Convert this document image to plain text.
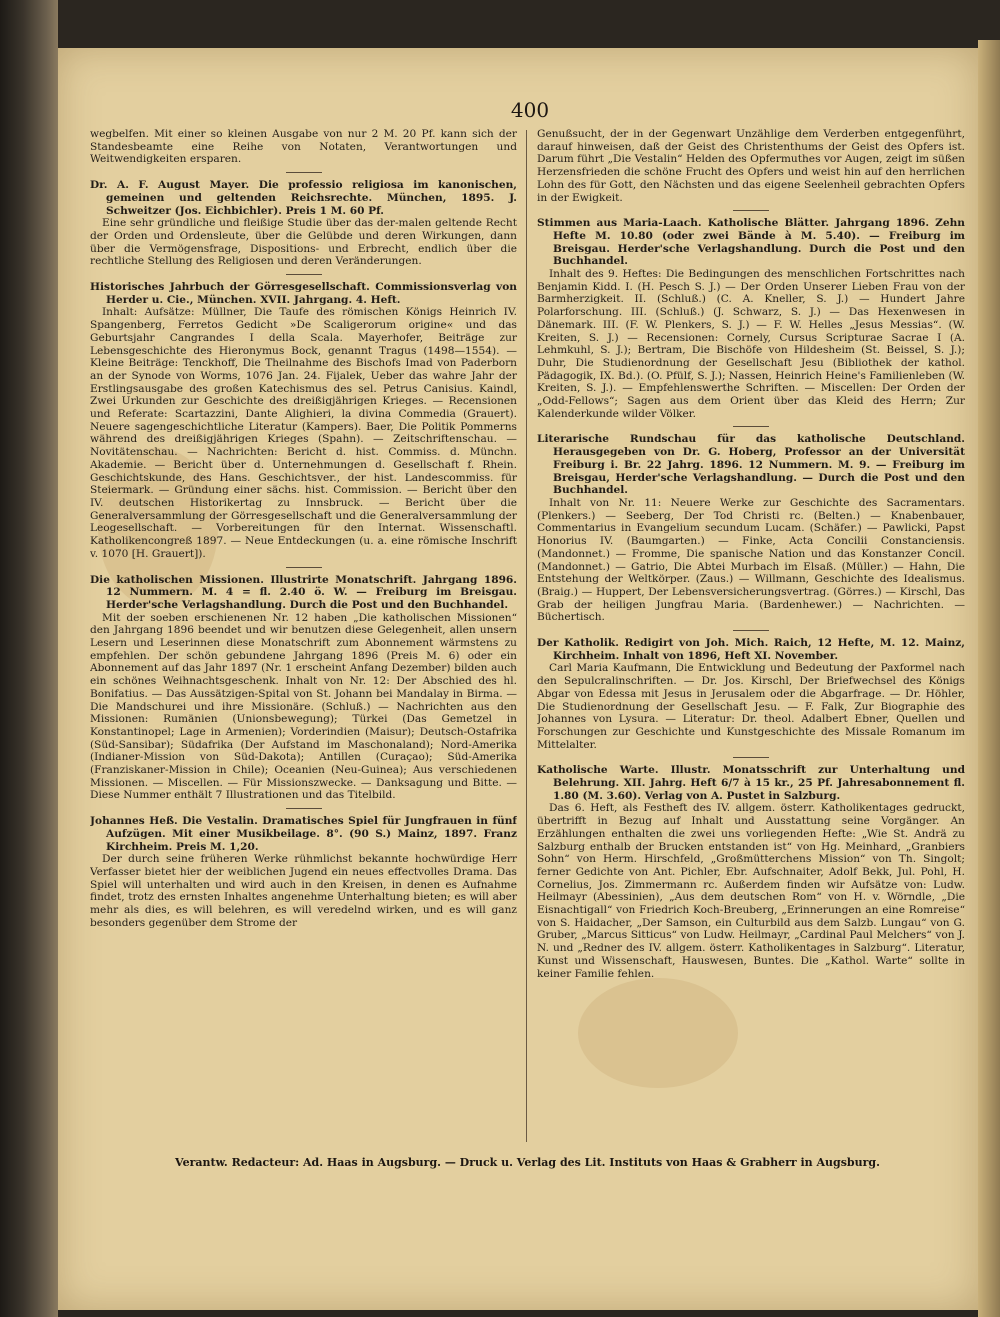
400
wegbelfen. Mit einer so kleinen Ausgabe von nur 2 M. 20 Pf. kann sich der Standesbeamte eine Reihe von Notaten, Verantwortungen und Weitwendigkeiten ersparen.
Dr. A. F. August Mayer. Die professio religiosa im kanonischen, gemeinen und geltenden Reichsrechte. München, 1895. J. Schweitzer (Jos. Eichbichler). Preis 1 M. 60 Pf.
Eine sehr gründliche und fleißige Studie über das der-malen geltende Recht der Orden und Ordensleute, über die Gelübde und deren Wirkungen, dann über die Vermögensfrage, Dispositions- und Erbrecht, endlich über die rechtliche Stellung des Religiosen und deren Veränderungen.
Historisches Jahrbuch der Görresgesellschaft. Commissionsverlag von Herder u. Cie., München. XVII. Jahrgang. 4. Heft.
Inhalt: Aufsätze: Müllner, Die Taufe des römischen Königs Heinrich IV. Spangenberg, Ferretos Gedicht »De Scaligerorum origine« und das Geburtsjahr Cangrandes I della Scala. Mayerhofer, Beiträge zur Lebensgeschichte des Hieronymus Bock, genannt Tragus (1498—1554). — Kleine Beiträge: Tenckhoff, Die Theilnahme des Bischofs Imad von Paderborn an der Synode von Worms, 1076 Jan. 24. Fijalek, Ueber das wahre Jahr der Erstlingsausgabe des großen Katechismus des sel. Petrus Canisius. Kaindl, Zwei Urkunden zur Geschichte des dreißigjährigen Krieges. — Recensionen und Referate: Scartazzini, Dante Alighieri, la divina Commedia (Grauert). Neuere sagengeschichtliche Literatur (Kampers). Baer, Die Politik Pommerns während des dreißigjährigen Krieges (Spahn). — Zeitschriftenschau. — Novitätenschau. — Nachrichten: Bericht d. hist. Commiss. d. Münchn. Akademie. — Bericht über d. Unternehmungen d. Gesellschaft f. Rhein. Geschichtskunde, des Hans. Geschichtsver., der hist. Landescommiss. für Steiermark. — Gründung einer sächs. hist. Commission. — Bericht über den IV. deutschen Historikertag zu Innsbruck. — Bericht über die Generalversammlung der Görresgesellschaft und die Generalversammlung der Leogesellschaft. — Vorbereitungen für den Internat. Wissenschaftl. Katholikencongreß 1897. — Neue Entdeckungen (u. a. eine römische Inschrift v. 1070 [H. Grauert]).
Die katholischen Missionen. Illustrirte Monatschrift. Jahrgang 1896. 12 Nummern. M. 4 = fl. 2.40 ö. W. — Freiburg im Breisgau. Herder'sche Verlagshandlung. Durch die Post und den Buchhandel.
Mit der soeben erschienenen Nr. 12 haben „Die katholischen Missionen“ den Jahrgang 1896 beendet und wir benutzen diese Gelegenheit, allen unsern Lesern und Leserinnen diese Monatschrift zum Abonnement wärmstens zu empfehlen. Der schön gebundene Jahrgang 1896 (Preis M. 6) oder ein Abonnement auf das Jahr 1897 (Nr. 1 erscheint Anfang Dezember) bilden auch ein schönes Weihnachtsgeschenk. Inhalt von Nr. 12: Der Abschied des hl. Bonifatius. — Das Aussätzigen-Spital von St. Johann bei Mandalay in Birma. — Die Mandschurei und ihre Missionäre. (Schluß.) — Nachrichten aus den Missionen: Rumänien (Unionsbewegung); Türkei (Das Gemetzel in Konstantinopel; Lage in Armenien); Vorderindien (Maisur); Deutsch-Ostafrika (Süd-Sansibar); Südafrika (Der Aufstand im Maschonaland); Nord-Amerika (Indianer-Mission von Süd-Dakota); Antillen (Curaçao); Süd-Amerika (Franziskaner-Mission in Chile); Oceanien (Neu-Guinea); Aus verschiedenen Missionen. — Miscellen. — Für Missionszwecke. — Danksagung und Bitte. — Diese Nummer enthält 7 Illustrationen und das Titelbild.
Johannes Heß. Die Vestalin. Dramatisches Spiel für Jungfrauen in fünf Aufzügen. Mit einer Musikbeilage. 8°. (90 S.) Mainz, 1897. Franz Kirchheim. Preis M. 1,20.
Der durch seine früheren Werke rühmlichst bekannte hochwürdige Herr Verfasser bietet hier der weiblichen Jugend ein neues effectvolles Drama. Das Spiel will unterhalten und wird auch in den Kreisen, in denen es Aufnahme findet, trotz des ernsten Inhaltes angenehme Unterhaltung bieten; es will aber mehr als dies, es will belehren, es will veredelnd wirken, und es will ganz besonders gegenüber dem Strome der
Genußsucht, der in der Gegenwart Unzählige dem Verderben entgegenführt, darauf hinweisen, daß der Geist des Christenthums der Geist des Opfers ist. Darum führt „Die Vestalin“ Helden des Opfermuthes vor Augen, zeigt im süßen Herzensfrieden die schöne Frucht des Opfers und weist hin auf den herrlichen Lohn des für Gott, den Nächsten und das eigene Seelenheil gebrachten Opfers in der Ewigkeit.
Stimmen aus Maria-Laach. Katholische Blätter. Jahrgang 1896. Zehn Hefte M. 10.80 (oder zwei Bände à M. 5.40). — Freiburg im Breisgau. Herder'sche Verlagshandlung. Durch die Post und den Buchhandel.
Inhalt des 9. Heftes: Die Bedingungen des menschlichen Fortschrittes nach Benjamin Kidd. I. (H. Pesch S. J.) — Der Orden Unserer Lieben Frau von der Barmherzigkeit. II. (Schluß.) (C. A. Kneller, S. J.) — Hundert Jahre Polarforschung. III. (Schluß.) (J. Schwarz, S. J.) — Das Hexenwesen in Dänemark. III. (F. W. Plenkers, S. J.) — F. W. Helles „Jesus Messias“. (W. Kreiten, S. J.) — Recensionen: Cornely, Cursus Scripturae Sacrae I (A. Lehmkuhl, S. J.); Bertram, Die Bischöfe von Hildesheim (St. Beissel, S. J.); Duhr, Die Studienordnung der Gesellschaft Jesu (Bibliothek der kathol. Pädagogik, IX. Bd.). (O. Pfülf, S. J.); Nassen, Heinrich Heine's Familienleben (W. Kreiten, S. J.). — Empfehlenswerthe Schriften. — Miscellen: Der Orden der „Odd-Fellows“; Sagen aus dem Orient über das Kleid des Herrn; Zur Kalenderkunde wilder Völker.
Literarische Rundschau für das katholische Deutschland. Herausgegeben von Dr. G. Hoberg, Professor an der Universität Freiburg i. Br. 22 Jahrg. 1896. 12 Nummern. M. 9. — Freiburg im Breisgau, Herder'sche Verlagshandlung. — Durch die Post und den Buchhandel.
Inhalt von Nr. 11: Neuere Werke zur Geschichte des Sacramentars. (Plenkers.) — Seeberg, Der Tod Christi rc. (Belten.) — Knabenbauer, Commentarius in Evangelium secundum Lucam. (Schäfer.) — Pawlicki, Papst Honorius IV. (Baumgarten.) — Finke, Acta Concilii Constanciensis. (Mandonnet.) — Fromme, Die spanische Nation und das Konstanzer Concil. (Mandonnet.) — Gatrio, Die Abtei Murbach im Elsaß. (Müller.) — Hahn, Die Entstehung der Weltkörper. (Zaus.) — Willmann, Geschichte des Idealismus. (Braig.) — Huppert, Der Lebensversicherungsvertrag. (Görres.) — Kirschl, Das Grab der heiligen Jungfrau Maria. (Bardenhewer.) — Nachrichten. — Büchertisch.
Der Katholik. Redigirt von Joh. Mich. Raich, 12 Hefte, M. 12. Mainz, Kirchheim. Inhalt von 1896, Heft XI. November.
Carl Maria Kaufmann, Die Entwicklung und Bedeutung der Paxformel nach den Sepulcralinschriften. — Dr. Jos. Kirschl, Der Briefwechsel des Königs Abgar von Edessa mit Jesus in Jerusalem oder die Abgarfrage. — Dr. Höhler, Die Studienordnung der Gesellschaft Jesu. — F. Falk, Zur Biographie des Johannes von Lysura. — Literatur: Dr. theol. Adalbert Ebner, Quellen und Forschungen zur Geschichte und Kunstgeschichte des Missale Romanum im Mittelalter.
Katholische Warte. Illustr. Monatsschrift zur Unterhaltung und Belehrung. XII. Jahrg. Heft 6/7 à 15 kr., 25 Pf. Jahresabonnement fl. 1.80 (M. 3.60). Verlag von A. Pustet in Salzburg.
Das 6. Heft, als Festheft des IV. allgem. österr. Katholikentages gedruckt, übertrifft in Bezug auf Inhalt und Ausstattung seine Vorgänger. An Erzählungen enthalten die zwei uns vorliegenden Hefte: „Wie St. Andrä zu Salzburg enthalb der Brucken entstanden ist“ von Hg. Meinhard, „Granbiers Sohn“ von Herm. Hirschfeld, „Großmütterchens Mission“ von Th. Singolt; ferner Gedichte von Ant. Pichler, Ebr. Aufschnaiter, Adolf Bekk, Jul. Pohl, H. Cornelius, Jos. Zimmermann rc. Außerdem finden wir Aufsätze von: Ludw. Heilmayr (Abessinien), „Aus dem deutschen Rom“ von H. v. Wörndle, „Die Eisnachtigall“ von Friedrich Koch-Breuberg, „Erinnerungen an eine Romreise“ von S. Haidacher, „Der Samson, ein Culturbild aus dem Salzb. Lungau“ von G. Gruber, „Marcus Sitticus“ von Ludw. Heilmayr, „Cardinal Paul Melchers“ von J. N. und „Redner des IV. allgem. österr. Katholikentages in Salzburg“. Literatur, Kunst und Wissenschaft, Hauswesen, Buntes. Die „Kathol. Warte“ sollte in keiner Familie fehlen.
Verantw. Redacteur: Ad. Haas in Augsburg. — Druck u. Verlag des Lit. Instituts von Haas & Grabherr in Augsburg.
